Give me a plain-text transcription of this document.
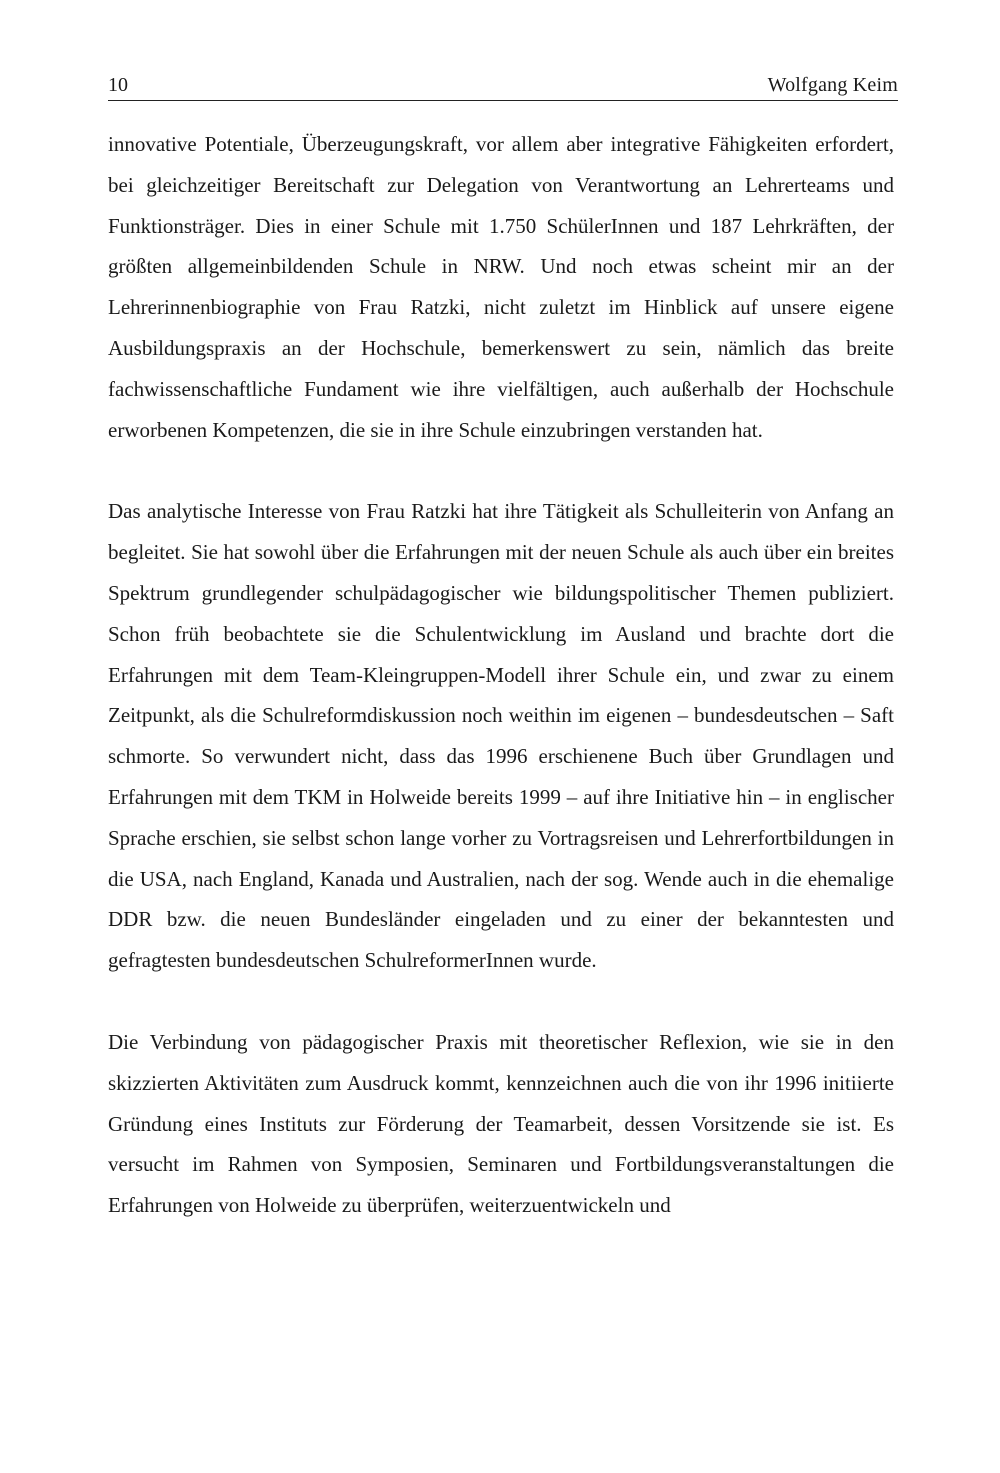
10	Wolfgang Keim

innovative Potentiale, Überzeugungskraft, vor allem aber integrative Fähigkeiten erfordert, bei gleichzeitiger Bereitschaft zur Delegation von Verantwortung an Lehrerteams und Funktionsträger. Dies in einer Schule mit 1.750 SchülerInnen und 187 Lehrkräften, der größten allgemeinbildenden Schule in NRW. Und noch etwas scheint mir an der Lehrerinnenbiographie von Frau Ratzki, nicht zuletzt im Hinblick auf unsere eigene Ausbildungspraxis an der Hochschule, bemerkenswert zu sein, nämlich das breite fachwissenschaftliche Fundament wie ihre vielfältigen, auch außerhalb der Hochschule erworbenen Kompetenzen, die sie in ihre Schule einzubringen verstanden hat.

Das analytische Interesse von Frau Ratzki hat ihre Tätigkeit als Schulleiterin von Anfang an begleitet. Sie hat sowohl über die Erfahrungen mit der neuen Schule als auch über ein breites Spektrum grundlegender schulpädagogischer wie bildungspolitischer Themen publiziert. Schon früh beobachtete sie die Schulentwicklung im Ausland und brachte dort die Erfahrungen mit dem Team-Kleingruppen-Modell ihrer Schule ein, und zwar zu einem Zeitpunkt, als die Schulreformdiskussion noch weithin im eigenen – bundesdeutschen – Saft schmorte. So verwundert nicht, dass das 1996 erschienene Buch über Grundlagen und Erfahrungen mit dem TKM in Holweide bereits 1999 – auf ihre Initiative hin – in englischer Sprache erschien, sie selbst schon lange vorher zu Vortragsreisen und Lehrerfortbildungen in die USA, nach England, Kanada und Australien, nach der sog. Wende auch in die ehemalige DDR bzw. die neuen Bundesländer eingeladen und zu einer der bekanntesten und gefragtesten bundesdeutschen SchulreformerInnen wurde.

Die Verbindung von pädagogischer Praxis mit theoretischer Reflexion, wie sie in den skizzierten Aktivitäten zum Ausdruck kommt, kennzeichnen auch die von ihr 1996 initiierte Gründung eines Instituts zur Förderung der Teamarbeit, dessen Vorsitzende sie ist. Es versucht im Rahmen von Symposien, Seminaren und Fortbildungsveranstaltungen die Erfahrungen von Holweide zu überprüfen, weiterzuentwickeln und
